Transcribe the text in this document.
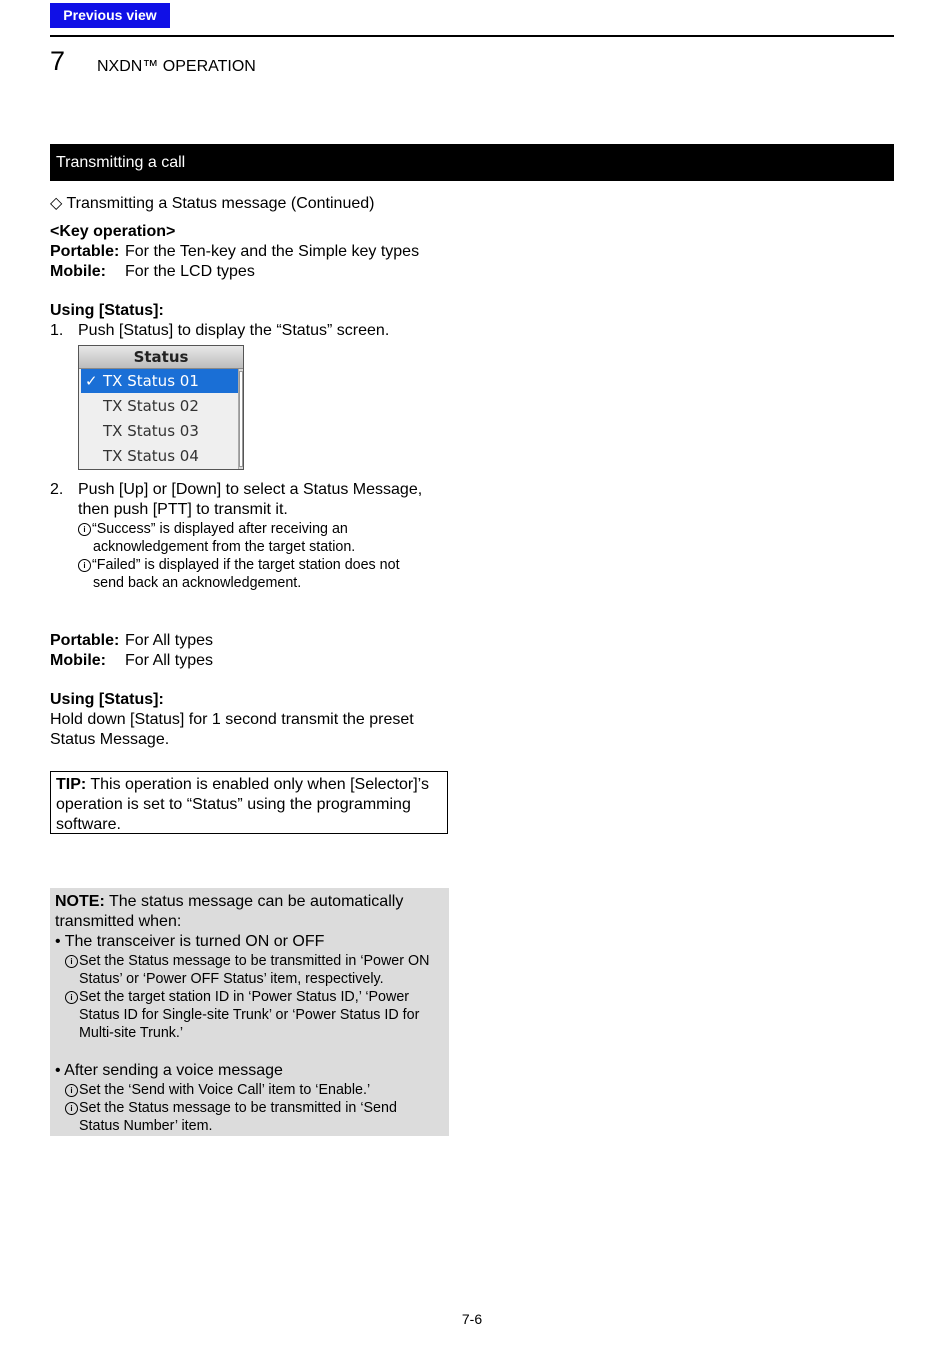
Previous view
7 NXDN™ OPERATION
Transmitting a call
◇ Transmitting a Status message (Continued)
<Key operation>
Portable: For the Ten-key and the Simple key types
Mobile: For the LCD types
Using [Status]:
1. Push [Status] to display the “Status” screen.
Status
✓ TX Status 01
TX Status 02
TX Status 03
TX Status 04
2. Push [Up] or [Down] to select a Status Message,
then push [PTT] to transmit it.
i “Success” is displayed after receiving an
acknowledgement from the target station.
i “Failed” is displayed if the target station does not
send back an acknowledgement.
Portable: For All types
Mobile: For All types
Using [Status]:
Hold down [Status] for 1 second transmit the preset
Status Message.
TIP: This operation is enabled only when [Selector]’s
operation is set to “Status” using the programming
software.
NOTE: The status message can be automatically
transmitted when:
• The transceiver is turned ON or OFF
i Set the Status message to be transmitted in ‘Power ON
Status’ or ‘Power OFF Status’ item, respectively.
i Set the target station ID in ‘Power Status ID,’ ‘Power
Status ID for Single-site Trunk’ or ‘Power Status ID for
Multi-site Trunk.’
• After sending a voice message
i Set the ‘Send with Voice Call’ item to ‘Enable.’
i Set the Status message to be transmitted in ‘Send
Status Number’ item.
7-6
